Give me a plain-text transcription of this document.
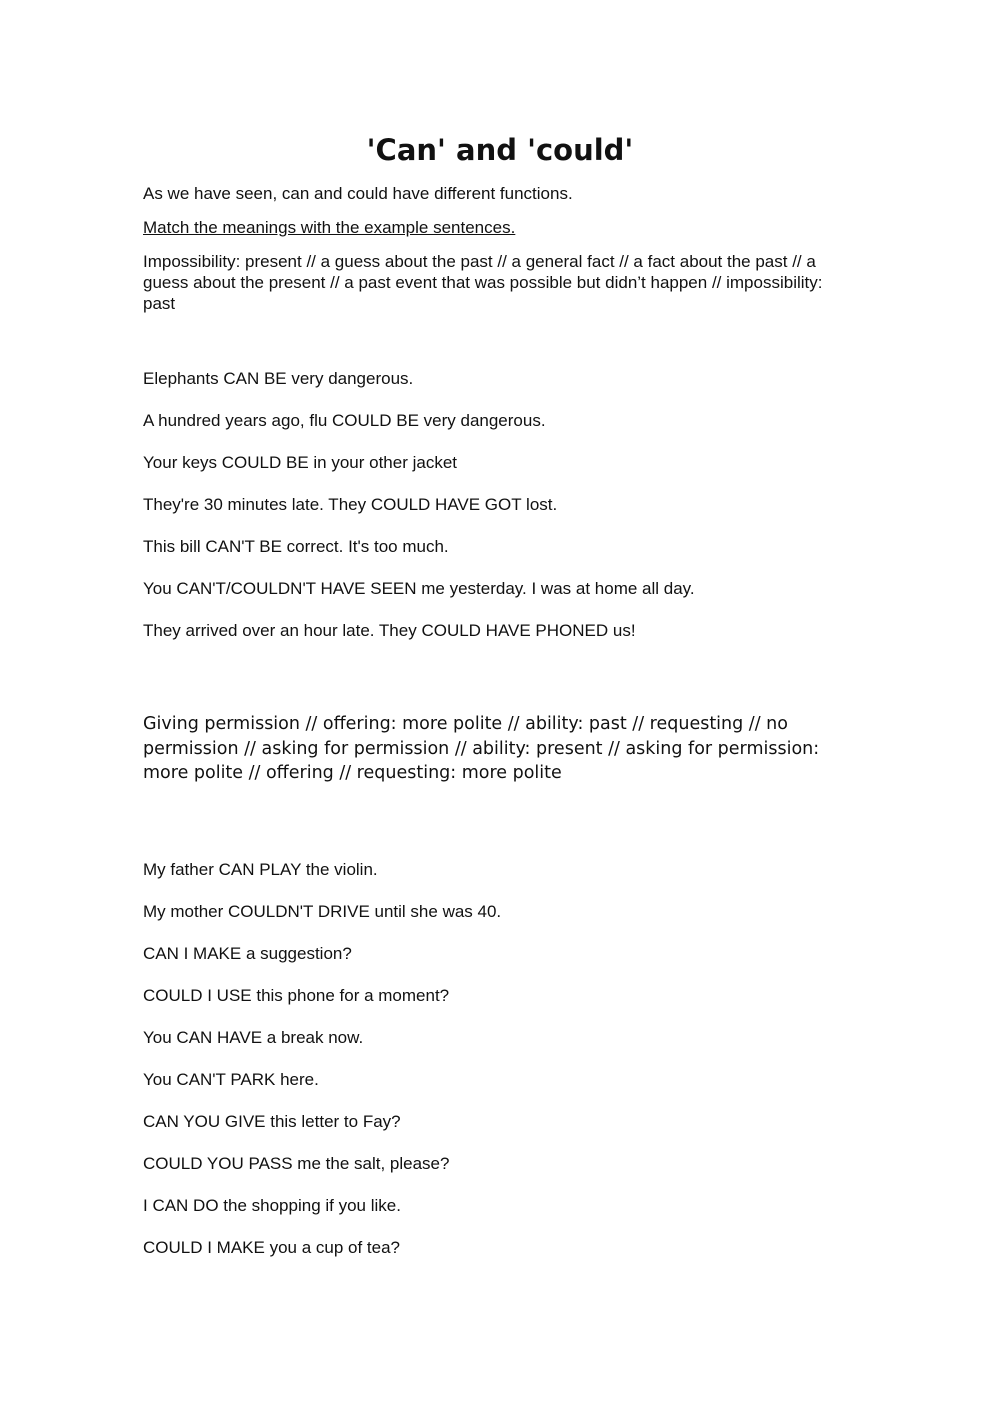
'Can' and 'could'

As we have seen, can and could have different functions.

Match the meanings with the example sentences.

Impossibility: present // a guess about the past // a general fact // a fact about the past // a guess about the present // a past event that was possible but didn’t happen // impossibility: past

Elephants CAN BE very dangerous.

A hundred years ago, flu COULD BE very dangerous.

Your keys COULD BE in your other jacket

They're 30 minutes late. They COULD HAVE GOT lost.

This bill CAN'T BE correct. It's too much.

You CAN'T/COULDN'T HAVE SEEN me yesterday. I was at home all day.

They arrived over an hour late. They COULD HAVE PHONED us!

Giving permission // offering: more polite // ability: past // requesting // no permission // asking for permission // ability: present // asking for permission: more polite // offering // requesting: more polite

My father CAN PLAY the violin.

My mother COULDN'T DRIVE until she was 40.

CAN I MAKE a suggestion?

COULD I USE this phone for a moment?

You CAN HAVE a break now.

You CAN'T PARK here.

CAN YOU GIVE this letter to Fay?

COULD YOU PASS me the salt, please?

I CAN DO the shopping if you like.

COULD I MAKE you a cup of tea?
